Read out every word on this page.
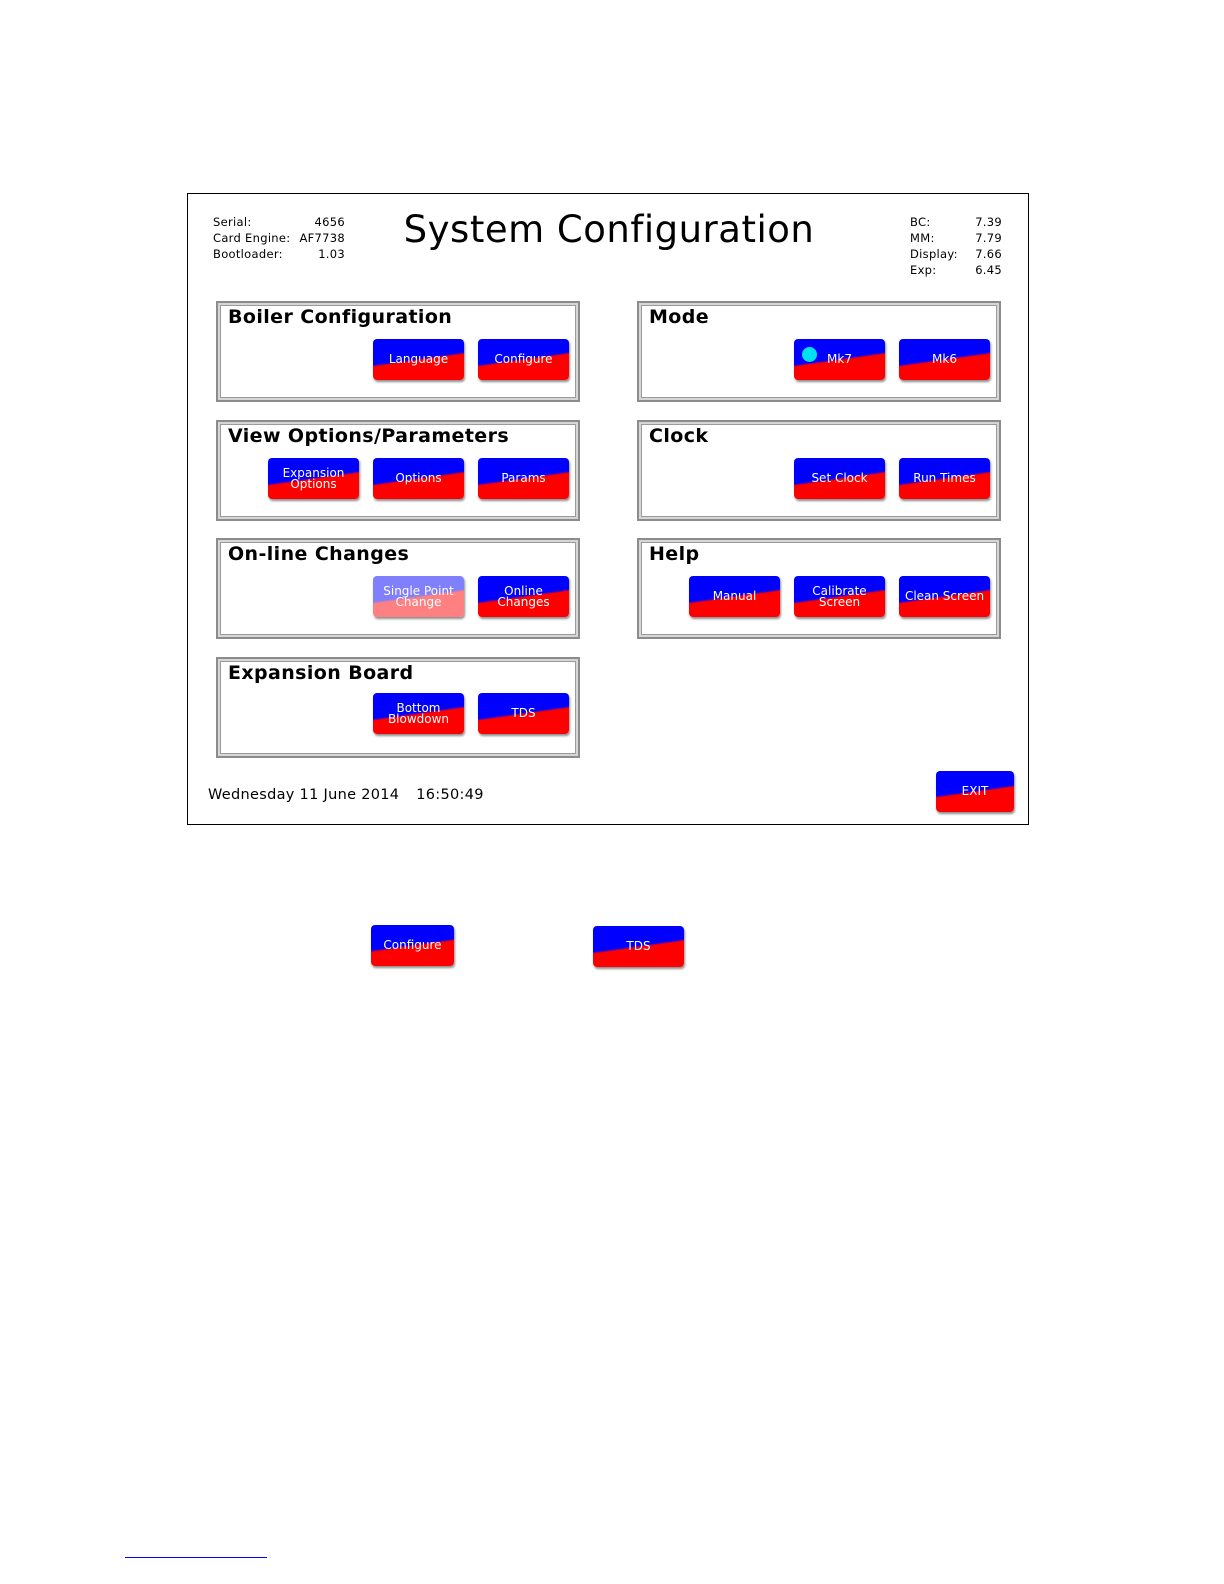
Serial:	4656
Card Engine: AF7738
Bootloader:	1.03
System Configuration	BC:	7.39
MM:	7.79
Display:	7.66
Exp:	6.45
Boiler Configuration
Language	Configure
Mode
Mk7	Mk6
View Options/Parameters
Expansion
Options	Options	Params
Clock
Set Clock	Run Times
On-line Changes
Single Point
Change
Online
Changes
Help
Manual	Calibrate
Screen	Clean Screen
Expansion Board
Bottom
Blowdown	TDS
Wednesday 11 June 2014 16:50:49	EXIT
Configure	TDS
